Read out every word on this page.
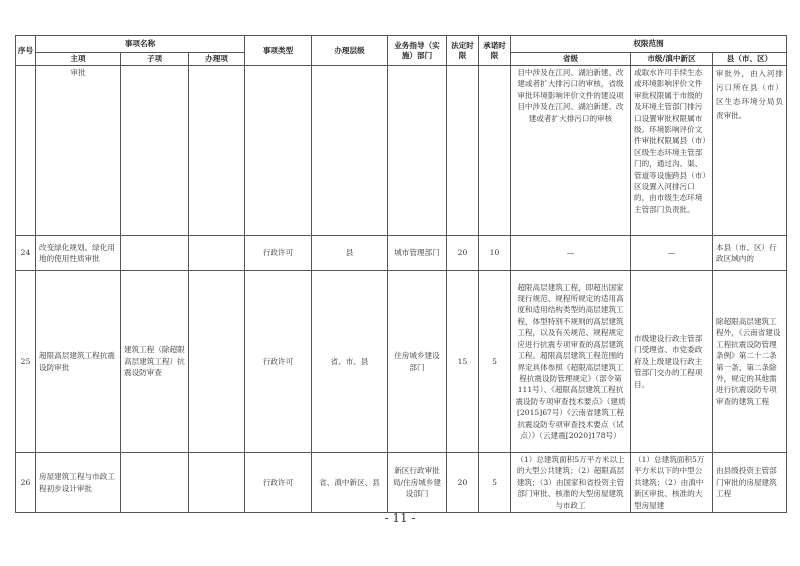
序号	事项名称			事项类型	办理层级	业务指导（实施）部门	法定时限	承诺时限	权限范围		
	主项	子项	办理项						省级	市级/滇中新区	县（市、区）
	审批								目中涉及在江河、湖泊新建、改建或者扩大排污口的审核，省级审批环境影响评价文件的建设项目中涉及在江河、湖泊新建、改建或者扩大排污口的审核	或取水许可手续生态或环境影响评价文件审批权限属于市级的及环境主管部门排污口设置审批权限属市级。环境影响评价文件审批权限属县（市）区级生态环境主管部门的，通过沟、渠、管道等设施跨县（市）区设置入河排污口的，由市级生态环境主管部门负责批。	审批外，由入河排污口所在县（市）区生态环境分局负责审批。
24	改变绿化规划、绿化用地的使用性质审批			行政许可	县	城市管理部门	20	10	—	—	本县（市、区）行政区域内的
25	超限高层建筑工程抗震设防审批	建筑工程（除超限高层建筑工程）抗震设防审查		行政许可	省、市、县	住房城乡建设部门	15	5	超限高层建筑工程，即超出国家现行规范、规程所规定的适用高度和适用结构类型的高层建筑工程，体型特别不规则的高层建筑工程，以及有关规范、规程规定应进行抗震专项审查的高层建筑工程。超限高层建筑工程范围的界定具体参照《超限高层建筑工程抗震设防管理规定》（部令第111号）、《超限高层建筑工程抗震设防专项审查技术要点》（建质[2015]67号）《云南省建筑工程抗震设防专项审查技术要点（试点）》（云建震[2020]178号）	市级建设行政主管部门受理省、市党委政府及上级建设行政主管部门交办的工程项目。	除超限高层建筑工程外，《云南省建设工程抗震设防管理条例》第二十二条第一条、第二条除外，规定的其他需进行抗震设防专项审查的建筑工程
26	房屋建筑工程与市政工程初步设计审批			行政许可	省、滇中新区、县	新区行政审批局/住房城乡建设部门	20	5	（1）总建筑面积5万平方米以上的大型公共建筑；（2）超限高层建筑；（3）由国家和省投资主管部门审批、核准的大型房屋建筑与市政工	（1）总建筑面积5万平方米以下的中型公共建筑；（2）由滇中新区审批、核准的大型房屋建	由县级投资主管部门审批的房屋建筑工程
- 11 -
